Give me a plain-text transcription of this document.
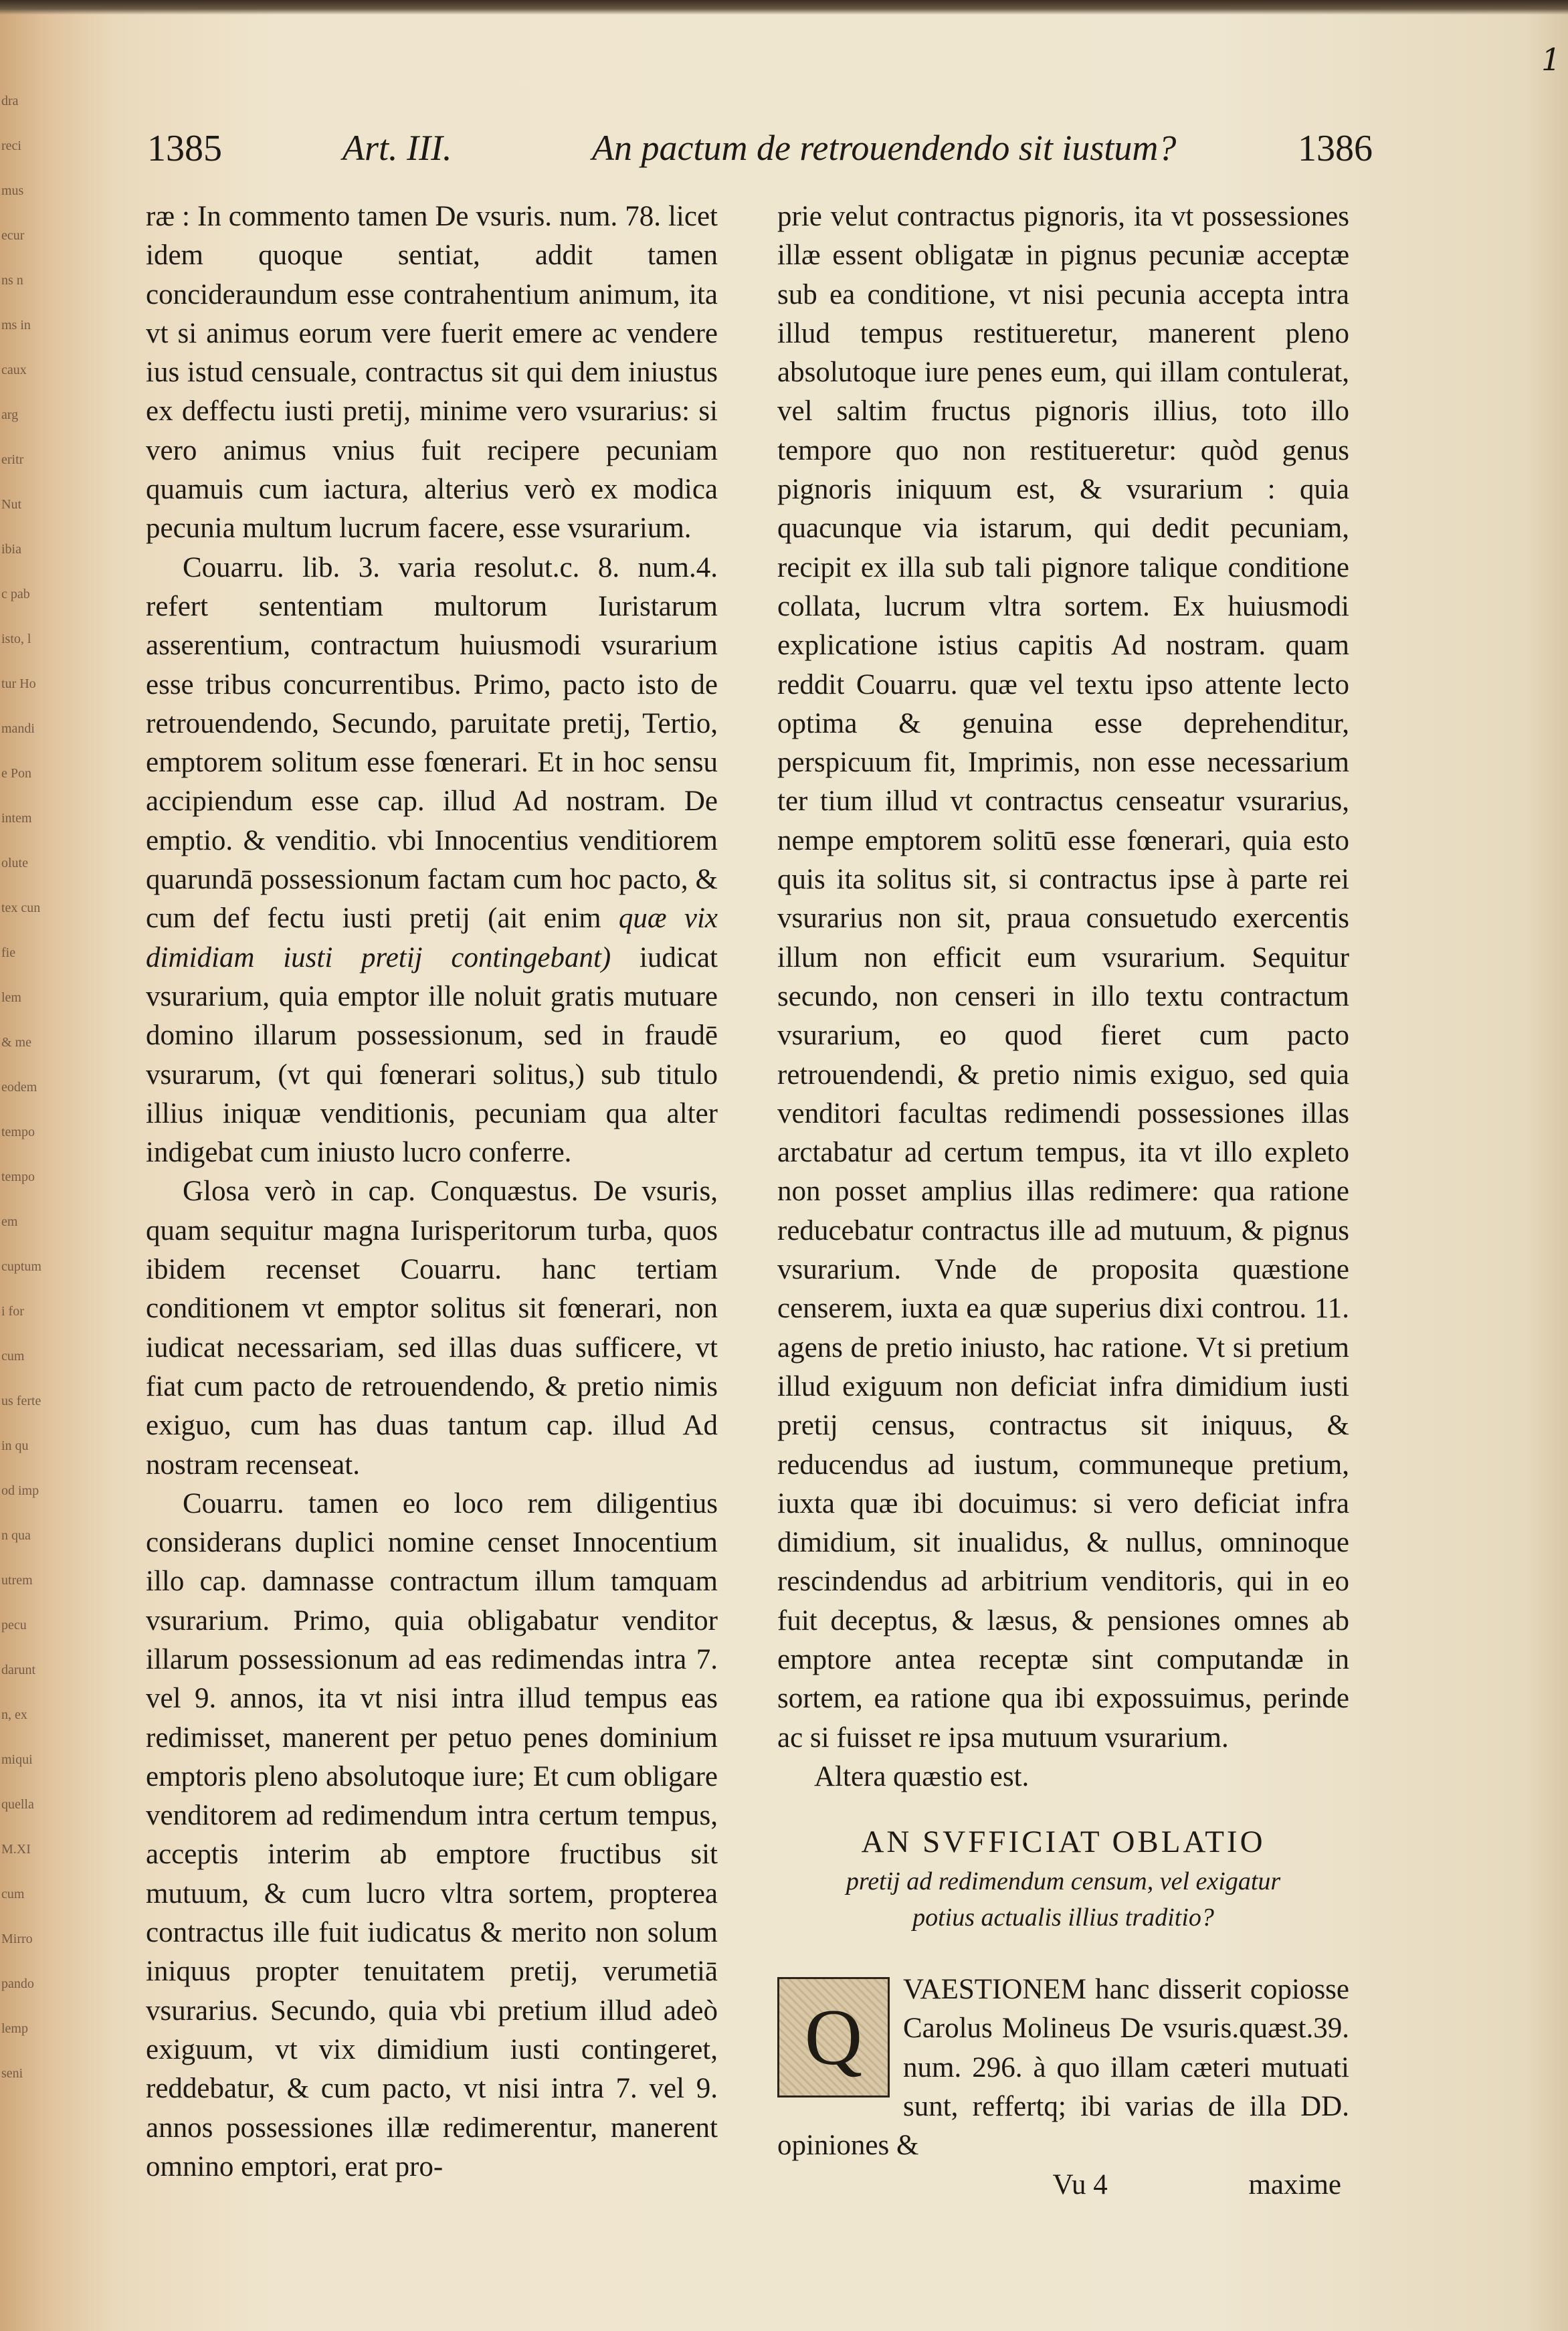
dra
reci
mus
ecur
ns n
ms in
caux
arg
eritr
Nut
ibia
c pab
isto, l
tur Ho
mandi
e Pon
intem
olute
tex cun
fie
lem
& me
eodem
tempo
tempo
em
cuptum
i for
cum
us ferte
in qu
od imp
n qua
utrem
pecu
darunt
n, ex
miqui
quella
M.XI
cum
Mirro
pando
lemp
seni
1
1385	Art. III.	An pactum de retrouendendo sit iustum?	1386

ræ : In commento tamen De vsuris. num. 78. licet idem quoque sentiat, addit tamen concideraundum esse contrahentium animum, ita vt si animus eorum vere fuerit emere ac vendere ius istud censuale, contractus sit qui dem iniustus ex deffectu iusti pretij, minime vero vsurarius: si vero animus vnius fuit recipere pecuniam quamuis cum iactura, alterius verò ex modica pecunia multum lucrum facere, esse vsurarium.

Couarru. lib. 3. varia resolut.c. 8. num.4. refert sententiam multorum Iuristarum asserentium, contractum huiusmodi vsurarium esse tribus concurrentibus. Primo, pacto isto de retrouendendo, Secundo, paruitate pretij, Tertio, emptorem solitum esse fœnerari. Et in hoc sensu accipiendum esse cap. illud Ad nostram. De emptio. & venditio. vbi Innocentius venditiorem quarundā possessionum factam cum hoc pacto, & cum def fectu iusti pretij (ait enim quæ vix dimidiam iusti pretij contingebant) iudicat vsurarium, quia emptor ille noluit gratis mutuare domino illarum possessionum, sed in fraudē vsurarum, (vt qui fœnerari solitus,) sub titulo illius iniquæ venditionis, pecuniam qua alter indigebat cum iniusto lucro conferre.

Glosa verò in cap. Conquæstus. De vsuris, quam sequitur magna Iurisperitorum turba, quos ibidem recenset Couarru. hanc tertiam conditionem vt emptor solitus sit fœnerari, non iudicat necessariam, sed illas duas sufficere, vt fiat cum pacto de retrouendendo, & pretio nimis exiguo, cum has duas tantum cap. illud Ad nostram recenseat.

Couarru. tamen eo loco rem diligentius considerans duplici nomine censet Innocentium illo cap. damnasse contractum illum tamquam vsurarium. Primo, quia obligabatur venditor illarum possessionum ad eas redimendas intra 7. vel 9. annos, ita vt nisi intra illud tempus eas redimisset, manerent per petuo penes dominium emptoris pleno absolutoque iure; Et cum obligare venditorem ad redimendum intra certum tempus, acceptis interim ab emptore fructibus sit mutuum, & cum lucro vltra sortem, propterea contractus ille fuit iudicatus & merito non solum iniquus propter tenuitatem pretij, verumetiā vsurarius. Secundo, quia vbi pretium illud adeò exiguum, vt vix dimidium iusti contingeret, reddebatur, & cum pacto, vt nisi intra 7. vel 9. annos possessiones illæ redimerentur, manerent omnino emptori, erat pro-

prie velut contractus pignoris, ita vt possessiones illæ essent obligatæ in pignus pecuniæ acceptæ sub ea conditione, vt nisi pecunia accepta intra illud tempus restitueretur, manerent pleno absolutoque iure penes eum, qui illam contulerat, vel saltim fructus pignoris illius, toto illo tempore quo non restitueretur: quòd genus pignoris iniquum est, & vsurarium : quia quacunque via istarum, qui dedit pecuniam, recipit ex illa sub tali pignore talique conditione collata, lucrum vltra sortem. Ex huiusmodi explicatione istius capitis Ad nostram. quam reddit Couarru. quæ vel textu ipso attente lecto optima & genuina esse deprehenditur, perspicuum fit, Imprimis, non esse necessarium ter tium illud vt contractus censeatur vsurarius, nempe emptorem solitū esse fœnerari, quia esto quis ita solitus sit, si contractus ipse à parte rei vsurarius non sit, praua consuetudo exercentis illum non efficit eum vsurarium. Sequitur secundo, non censeri in illo textu contractum vsurarium, eo quod fieret cum pacto retrouendendi, & pretio nimis exiguo, sed quia venditori facultas redimendi possessiones illas arctabatur ad certum tempus, ita vt illo expleto non posset amplius illas redimere: qua ratione reducebatur contractus ille ad mutuum, & pignus vsurarium. Vnde de proposita quæstione censerem, iuxta ea quæ superius dixi controu. 11. agens de pretio iniusto, hac ratione. Vt si pretium illud exiguum non deficiat infra dimidium iusti pretij census, contractus sit iniquus, & reducendus ad iustum, communeque pretium, iuxta quæ ibi docuimus: si vero deficiat infra dimidium, sit inualidus, & nullus, omninoque rescindendus ad arbitrium venditoris, qui in eo fuit deceptus, & læsus, & pensiones omnes ab emptore antea receptæ sint computandæ in sortem, ea ratione qua ibi expossuimus, perinde ac si fuisset re ipsa mutuum vsurarium.

Altera quæstio est.

AN SVFFICIAT OBLATIO

pretij ad redimendum censum, vel exigatur potius actualis illius traditio?

Q
VAESTIONEM hanc disserit copiosse Carolus Molineus De vsuris.quæst.39. num. 296. à quo illam cæteri mutuati sunt, reffertq; ibi varias de illa DD. opiniones &

Vu 4	maxime
